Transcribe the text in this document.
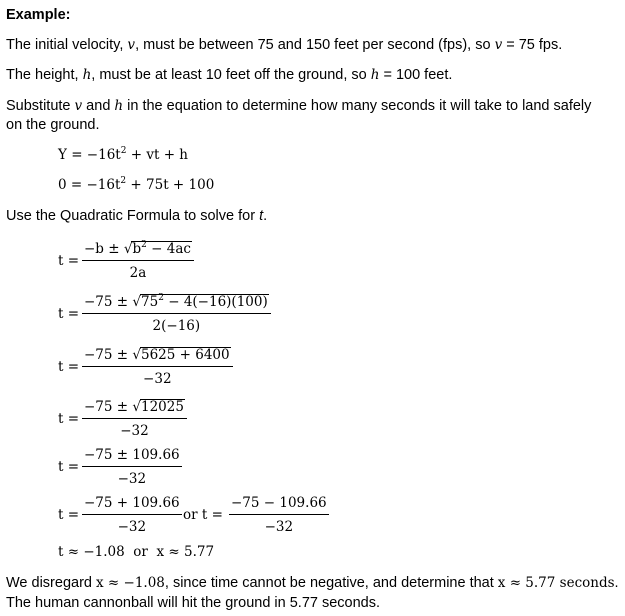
Example:
The initial velocity, v, must be between 75 and 150 feet per second (fps), so v = 75 fps.
The height, h, must be at least 10 feet off the ground, so h = 100 feet.
Substitute v and h in the equation to determine how many seconds it will take to land safely
on the ground.
$Y = -16t^2$ + vt + h
$0 = -16t^2 + 75t + 100$
Use the Quadratic Formula to solve for t.
$t = \frac{-b \pm √b^2 - 4ac}{2a}$
$t = \frac{-75 \pm √75^2 - 4(-16)(100)}{2(-16)}$
$t = \frac{-75 \pm √5625 + 6400}{-32}$
$t = \frac{-75 \pm √12025}{-32}$
$t = \frac{-75 \pm 109.66}{-32}$
$t = \frac{-75 + 109.66}{-32}$ or $t = \frac{-75 - 109.66}{-32}$
t ≈ −1.08 or x ≈ 5.77
We disregard x ≈ −1.08, since time cannot be negative, and determine that x ≈ 5.77 seconds.
The human cannonball will hit the ground in 5.77 seconds.
